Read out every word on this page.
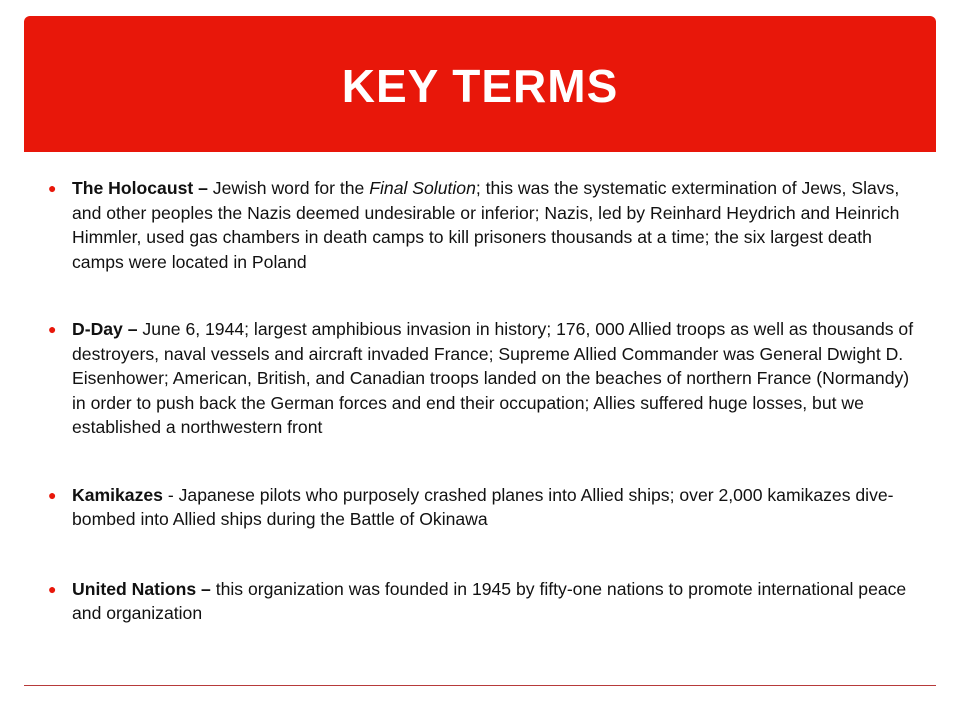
KEY TERMS
● The Holocaust – Jewish word for the Final Solution; this was the systematic extermination of Jews, Slavs, and other peoples the Nazis deemed undesirable or inferior; Nazis, led by Reinhard Heydrich and Heinrich Himmler, used gas chambers in death camps to kill prisoners thousands at a time; the six largest death camps were located in Poland
● D-Day – June 6, 1944; largest amphibious invasion in history; 176, 000 Allied troops as well as thousands of destroyers, naval vessels and aircraft invaded France; Supreme Allied Commander was General Dwight D. Eisenhower; American, British, and Canadian troops landed on the beaches of northern France (Normandy) in order to push back the German forces and end their occupation; Allies suffered huge losses, but we established a northwestern front
● Kamikazes - Japanese pilots who purposely crashed planes into Allied ships; over 2,000 kamikazes dive-bombed into Allied ships during the Battle of Okinawa
● United Nations – this organization was founded in 1945 by fifty-one nations to promote international peace and organization
